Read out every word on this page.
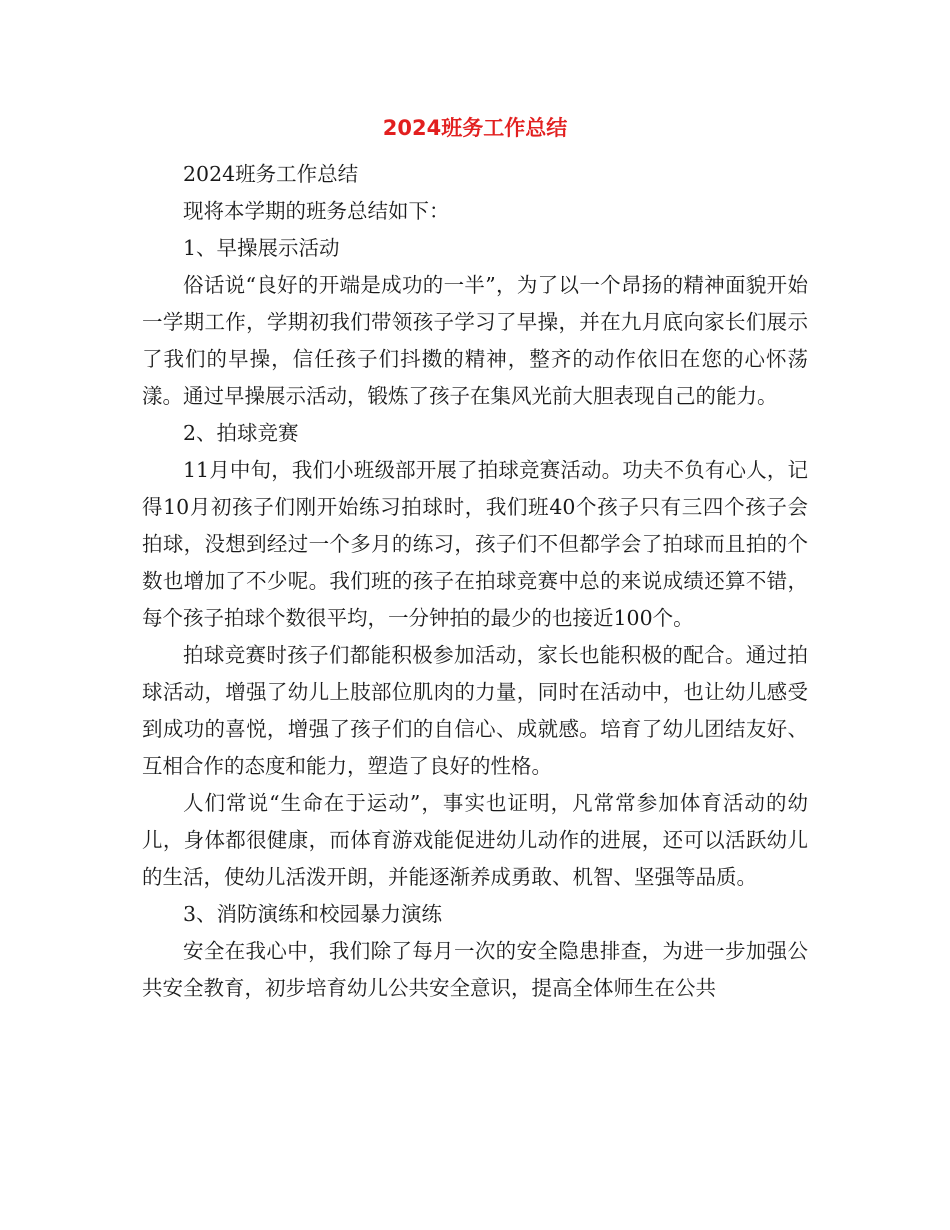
2024班务工作总结

2024班务工作总结

现将本学期的班务总结如下：

1、早操展示活动

俗话说“良好的开端是成功的一半”，为了以一个昂扬的精神面貌开始一学期工作，学期初我们带领孩子学习了早操，并在九月底向家长们展示了我们的早操，信任孩子们抖擞的精神，整齐的动作依旧在您的心怀荡漾。通过早操展示活动，锻炼了孩子在集风光前大胆表现自己的能力。

2、拍球竞赛

11月中旬，我们小班级部开展了拍球竞赛活动。功夫不负有心人，记得10月初孩子们刚开始练习拍球时，我们班40个孩子只有三四个孩子会拍球，没想到经过一个多月的练习，孩子们不但都学会了拍球而且拍的个数也增加了不少呢。我们班的孩子在拍球竞赛中总的来说成绩还算不错，每个孩子拍球个数很平均，一分钟拍的最少的也接近100个。

拍球竞赛时孩子们都能积极参加活动，家长也能积极的配合。通过拍球活动，增强了幼儿上肢部位肌肉的力量，同时在活动中，也让幼儿感受到成功的喜悦，增强了孩子们的自信心、成就感。培育了幼儿团结友好、互相合作的态度和能力，塑造了良好的性格。

人们常说“生命在于运动”，事实也证明，凡常常参加体育活动的幼儿，身体都很健康，而体育游戏能促进幼儿动作的进展，还可以活跃幼儿的生活，使幼儿活泼开朗，并能逐渐养成勇敢、机智、坚强等品质。

3、消防演练和校园暴力演练

安全在我心中，我们除了每月一次的安全隐患排查，为进一步加强公共安全教育，初步培育幼儿公共安全意识，提高全体师生在公共
